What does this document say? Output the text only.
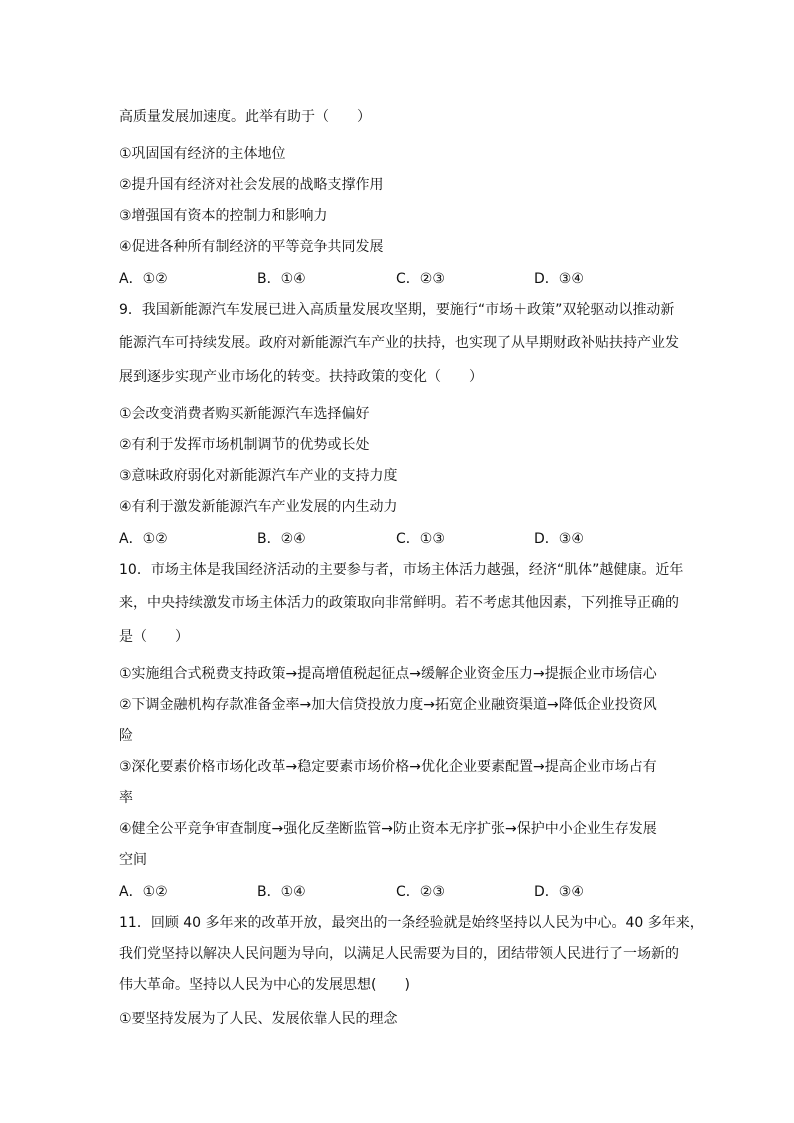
高质量发展加速度。此举有助于（　　）
①巩固国有经济的主体地位
②提升国有经济对社会发展的战略支撑作用
③增强国有资本的控制力和影响力
④促进各种所有制经济的平等竞争共同发展
A．①②	B．①④	C．②③	D．③④
9．我国新能源汽车发展已进入高质量发展攻坚期，要施行“市场＋政策”双轮驱动以推动新
能源汽车可持续发展。政府对新能源汽车产业的扶持，也实现了从早期财政补贴扶持产业发
展到逐步实现产业市场化的转变。扶持政策的变化（　　）
①会改变消费者购买新能源汽车选择偏好
②有利于发挥市场机制调节的优势或长处
③意味政府弱化对新能源汽车产业的支持力度
④有利于激发新能源汽车产业发展的内生动力
A．①②	B．②④	C．①③	D．③④
10．市场主体是我国经济活动的主要参与者，市场主体活力越强，经济“肌体”越健康。近年
来，中央持续激发市场主体活力的政策取向非常鲜明。若不考虑其他因素，下列推导正确的
是（　　）
①实施组合式税费支持政策→提高增值税起征点→缓解企业资金压力→提振企业市场信心
②下调金融机构存款准备金率→加大信贷投放力度→拓宽企业融资渠道→降低企业投资风
险
③深化要素价格市场化改革→稳定要素市场价格→优化企业要素配置→提高企业市场占有
率
④健全公平竞争审查制度→强化反垄断监管→防止资本无序扩张→保护中小企业生存发展
空间
A．①②	B．①④	C．②③	D．③④
11．回顾 40 多年来的改革开放，最突出的一条经验就是始终坚持以人民为中心。40 多年来，
我们党坚持以解决人民问题为导向，以满足人民需要为目的，团结带领人民进行了一场新的
伟大革命。坚持以人民为中心的发展思想(　　)
①要坚持发展为了人民、发展依靠人民的理念
